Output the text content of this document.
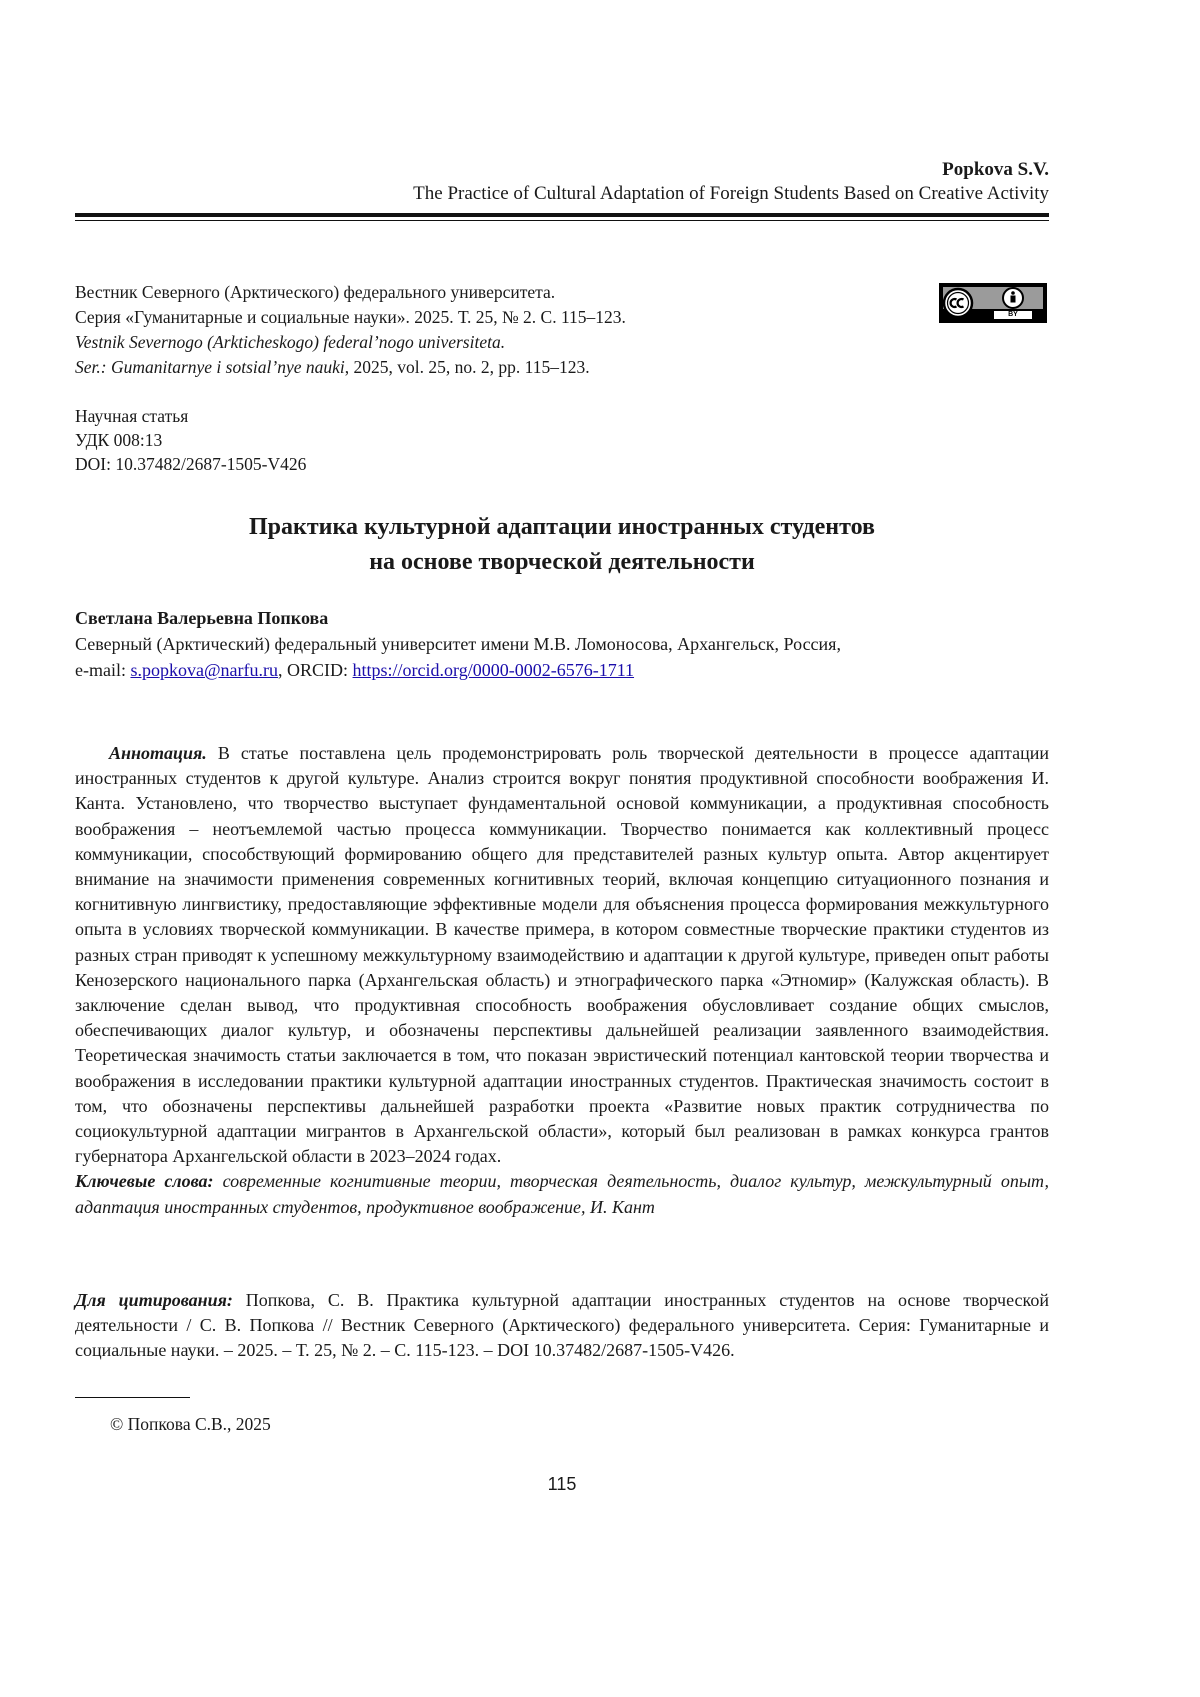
Popkova S.V.
The Practice of Cultural Adaptation of Foreign Students Based on Creative Activity
Вестник Северного (Арктического) федерального университета.
Серия «Гуманитарные и социальные науки». 2025. Т. 25, № 2. С. 115–123.
Vestnik Severnogo (Arkticheskogo) federal’nogo universiteta.
Ser.: Gumanitarnye i sotsial’nye nauki, 2025, vol. 25, no. 2, pp. 115–123.
BY
Научная статья
УДК 008:13
DOI: 10.37482/2687-1505-V426
Практика культурной адаптации иностранных студентов
на основе творческой деятельности
Светлана Валерьевна Попкова
Северный (Арктический) федеральный университет имени М.В. Ломоносова, Архангельск, Россия,
e-mail: s.popkova@narfu.ru, ORCID: https://orcid.org/0000-0002-6576-1711

Аннотация. В статье поставлена цель продемонстрировать роль творческой деятельности в процессе адаптации иностранных студентов к другой культуре. Анализ строится вокруг понятия продуктивной способности воображения И. Канта. Установлено, что творчество выступает фундаментальной основой коммуникации, а продуктивная способность воображения – неотъемлемой частью процесса коммуникации. Творчество понимается как коллективный процесс коммуникации, способствующий формированию общего для представителей разных культур опыта. Автор акцентирует внимание на значимости применения современных когнитивных теорий, включая концепцию ситуационного познания и когнитивную лингвистику, предоставляющие эффективные модели для объяснения процесса формирования межкультурного опыта в условиях творческой коммуникации. В качестве примера, в котором совместные творческие практики студентов из разных стран приводят к успешному межкультурному взаимодействию и адаптации к другой культуре, приведен опыт работы Кенозерского национального парка (Архангельская область) и этнографического парка «Этномир» (Калужская область). В заключение сделан вывод, что продуктивная способность воображения обусловливает создание общих смыслов, обеспечивающих диалог культур, и обозначены перспективы дальнейшей реализации заявленного взаимодействия. Теоретическая значимость статьи заключается в том, что показан эвристический потенциал кантовской теории творчества и воображения в исследовании практики культурной адаптации иностранных студентов. Практическая значимость состоит в том, что обозначены перспективы дальнейшей разработки проекта «Развитие новых практик сотрудничества по социокультурной адаптации мигрантов в Архангельской области», который был реализован в рамках конкурса грантов губернатора Архангельской области в 2023–2024 годах.

Ключевые слова: современные когнитивные теории, творческая деятельность, диалог культур, межкультурный опыт, адаптация иностранных студентов, продуктивное воображение, И. Кант

Для цитирования: Попкова, С. В. Практика культурной адаптации иностранных студентов на основе творческой деятельности / С. В. Попкова // Вестник Северного (Арктического) федерального университета. Серия: Гуманитарные и социальные науки. – 2025. – Т. 25, № 2. – С. 115-123. – DOI 10.37482/2687-1505-V426.
© Попкова С.В., 2025
115
